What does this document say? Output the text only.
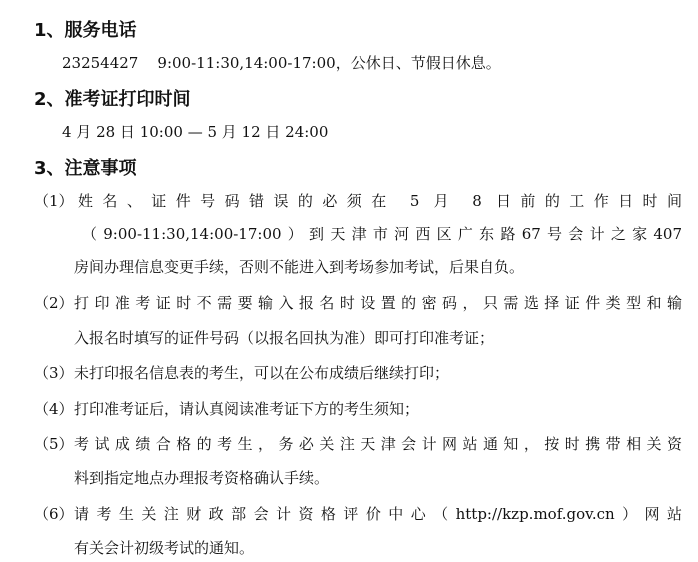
1、服务电话
23254427    9:00-11:30,14:00-17:00，公休日、节假日休息。
2、准考证打印时间
4 月 28 日 10:00 — 5 月 12 日 24:00
3、注意事项
（1） 姓名、证件号码错误的必须在 5 月 8 日前的工作日时间
（9:00-11:30,14:00-17:00）到天津市河西区广东路67号会计之家407
房间办理信息变更手续，否则不能进入到考场参加考试，后果自负。
（2） 打印准考证时不需要输入报名时设置的密码，只需选择证件类型和输
入报名时填写的证件号码（以报名回执为准）即可打印准考证；
（3） 未打印报名信息表的考生，可以在公布成绩后继续打印；
（4） 打印准考证后，请认真阅读准考证下方的考生须知；
（5） 考试成绩合格的考生，务必关注天津会计网站通知，按时携带相关资
料到指定地点办理报考资格确认手续。
（6） 请考生关注财政部会计资格评价中心（http://kzp.mof.gov.cn）网站
有关会计初级考试的通知。
